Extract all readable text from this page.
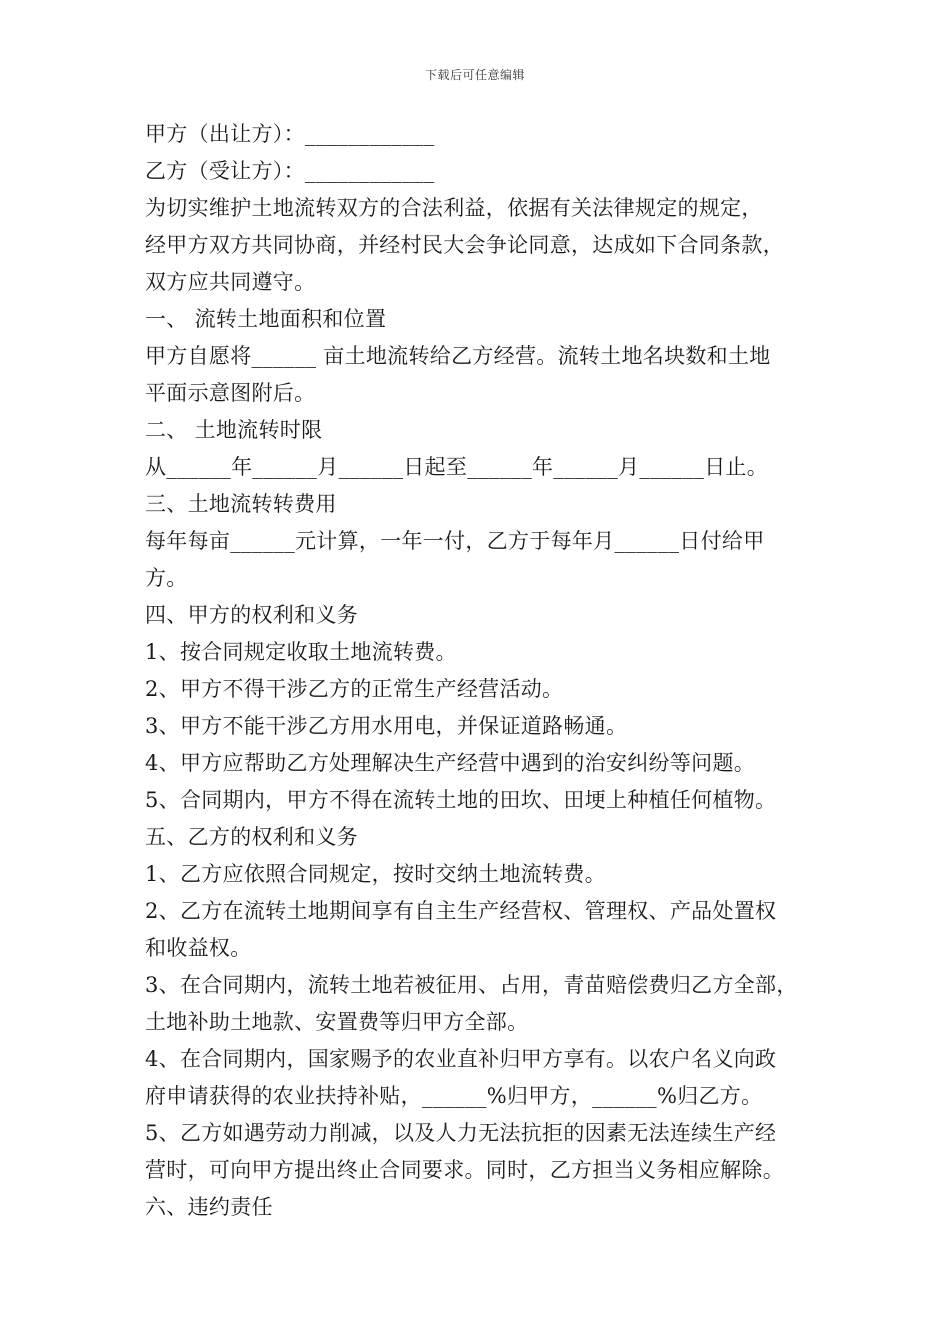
下载后可任意编辑
甲方（出让方）：____________
乙方（受让方）：____________
为切实维护土地流转双方的合法利益，依据有关法律规定的规定，
经甲方双方共同协商，并经村民大会争论同意，达成如下合同条款，
双方应共同遵守。
一、 流转土地面积和位置
甲方自愿将______ 亩土地流转给乙方经营。流转土地名块数和土地
平面示意图附后。
二、 土地流转时限
从______年______月______日起至______年______月______日止。
三、土地流转转费用
每年每亩______元计算，一年一付，乙方于每年月______日付给甲
方。
四、甲方的权利和义务
1、按合同规定收取土地流转费。
2、甲方不得干涉乙方的正常生产经营活动。
3、甲方不能干涉乙方用水用电，并保证道路畅通。
4、甲方应帮助乙方处理解决生产经营中遇到的治安纠纷等问题。
5、合同期内，甲方不得在流转土地的田坎、田埂上种植任何植物。
五、乙方的权利和义务
1、乙方应依照合同规定，按时交纳土地流转费。
2、乙方在流转土地期间享有自主生产经营权、管理权、产品处置权
和收益权。
3、在合同期内，流转土地若被征用、占用，青苗赔偿费归乙方全部，
土地补助土地款、安置费等归甲方全部。
4、在合同期内，国家赐予的农业直补归甲方享有。以农户名义向政
府申请获得的农业扶持补贴，______%归甲方，______%归乙方。
5、乙方如遇劳动力削减，以及人力无法抗拒的因素无法连续生产经
营时，可向甲方提出终止合同要求。同时，乙方担当义务相应解除。
六、违约责任
